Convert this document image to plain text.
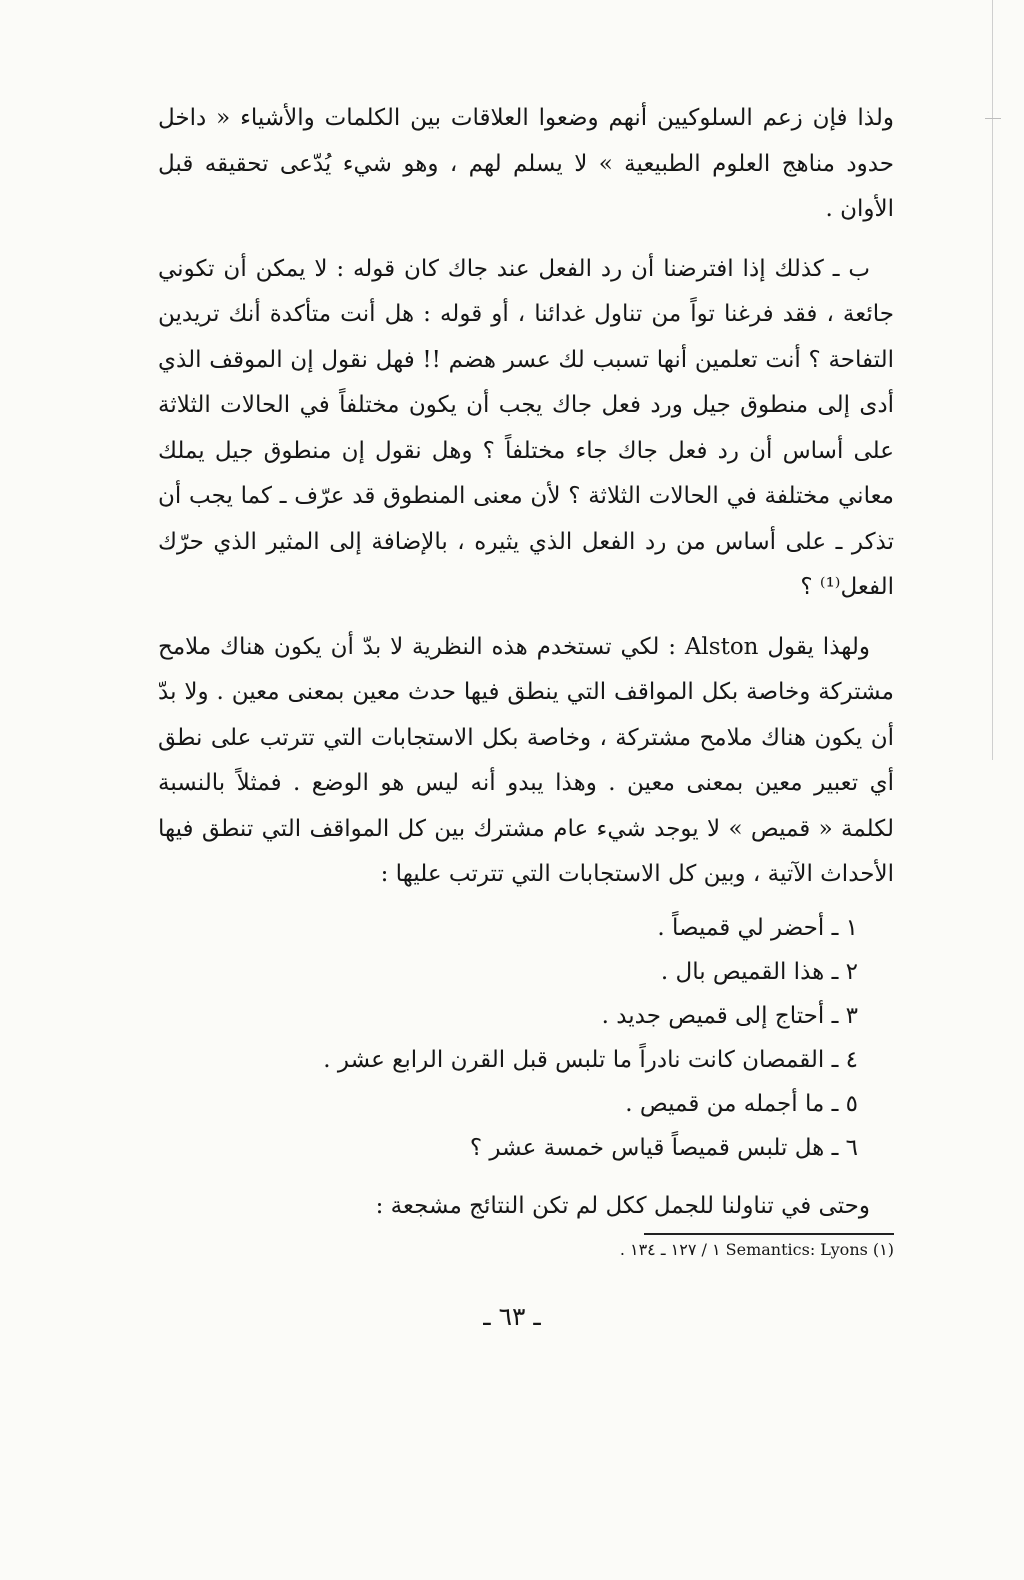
ولذا فإن زعم السلوكيين أنهم وضعوا العلاقات بين الكلمات والأشياء « داخل حدود مناهج العلوم الطبيعية » لا يسلم لهم ، وهو شيء يُدّعى تحقيقه قبل الأوان .

ب ـ كذلك إذا افترضنا أن رد الفعل عند جاك كان قوله : لا يمكن أن تكوني جائعة ، فقد فرغنا تواً من تناول غدائنا ، أو قوله : هل أنت متأكدة أنك تريدين التفاحة ؟ أنت تعلمين أنها تسبب لك عسر هضم !! فهل نقول إن الموقف الذي أدى إلى منطوق جيل ورد فعل جاك يجب أن يكون مختلفاً في الحالات الثلاثة على أساس أن رد فعل جاك جاء مختلفاً ؟ وهل نقول إن منطوق جيل يملك معاني مختلفة في الحالات الثلاثة ؟ لأن معنى المنطوق قد عرّف ـ كما يجب أن تذكر ـ على أساس من رد الفعل الذي يثيره ، بالإضافة إلى المثير الذي حرّك الفعل⁽¹⁾ ؟

ولهذا يقول Alston : لكي تستخدم هذه النظرية لا بدّ أن يكون هناك ملامح مشتركة وخاصة بكل المواقف التي ينطق فيها حدث معين بمعنى معين . ولا بدّ أن يكون هناك ملامح مشتركة ، وخاصة بكل الاستجابات التي تترتب على نطق أي تعبير معين بمعنى معين . وهذا يبدو أنه ليس هو الوضع . فمثلاً بالنسبة لكلمة « قميص » لا يوجد شيء عام مشترك بين كل المواقف التي تنطق فيها الأحداث الآتية ، وبين كل الاستجابات التي تترتب عليها :

١ ـ أحضر لي قميصاً .
٢ ـ هذا القميص بال .
٣ ـ أحتاج إلى قميص جديد .
٤ ـ القمصان كانت نادراً ما تلبس قبل القرن الرابع عشر .
٥ ـ ما أجمله من قميص .
٦ ـ هل تلبس قميصاً قياس خمسة عشر ؟

وحتى في تناولنا للجمل ككل لم تكن النتائج مشجعة :

(١) Semantics: Lyons ١ / ١٢٧ ـ ١٣٤ .
ـ ٦٣ ـ
